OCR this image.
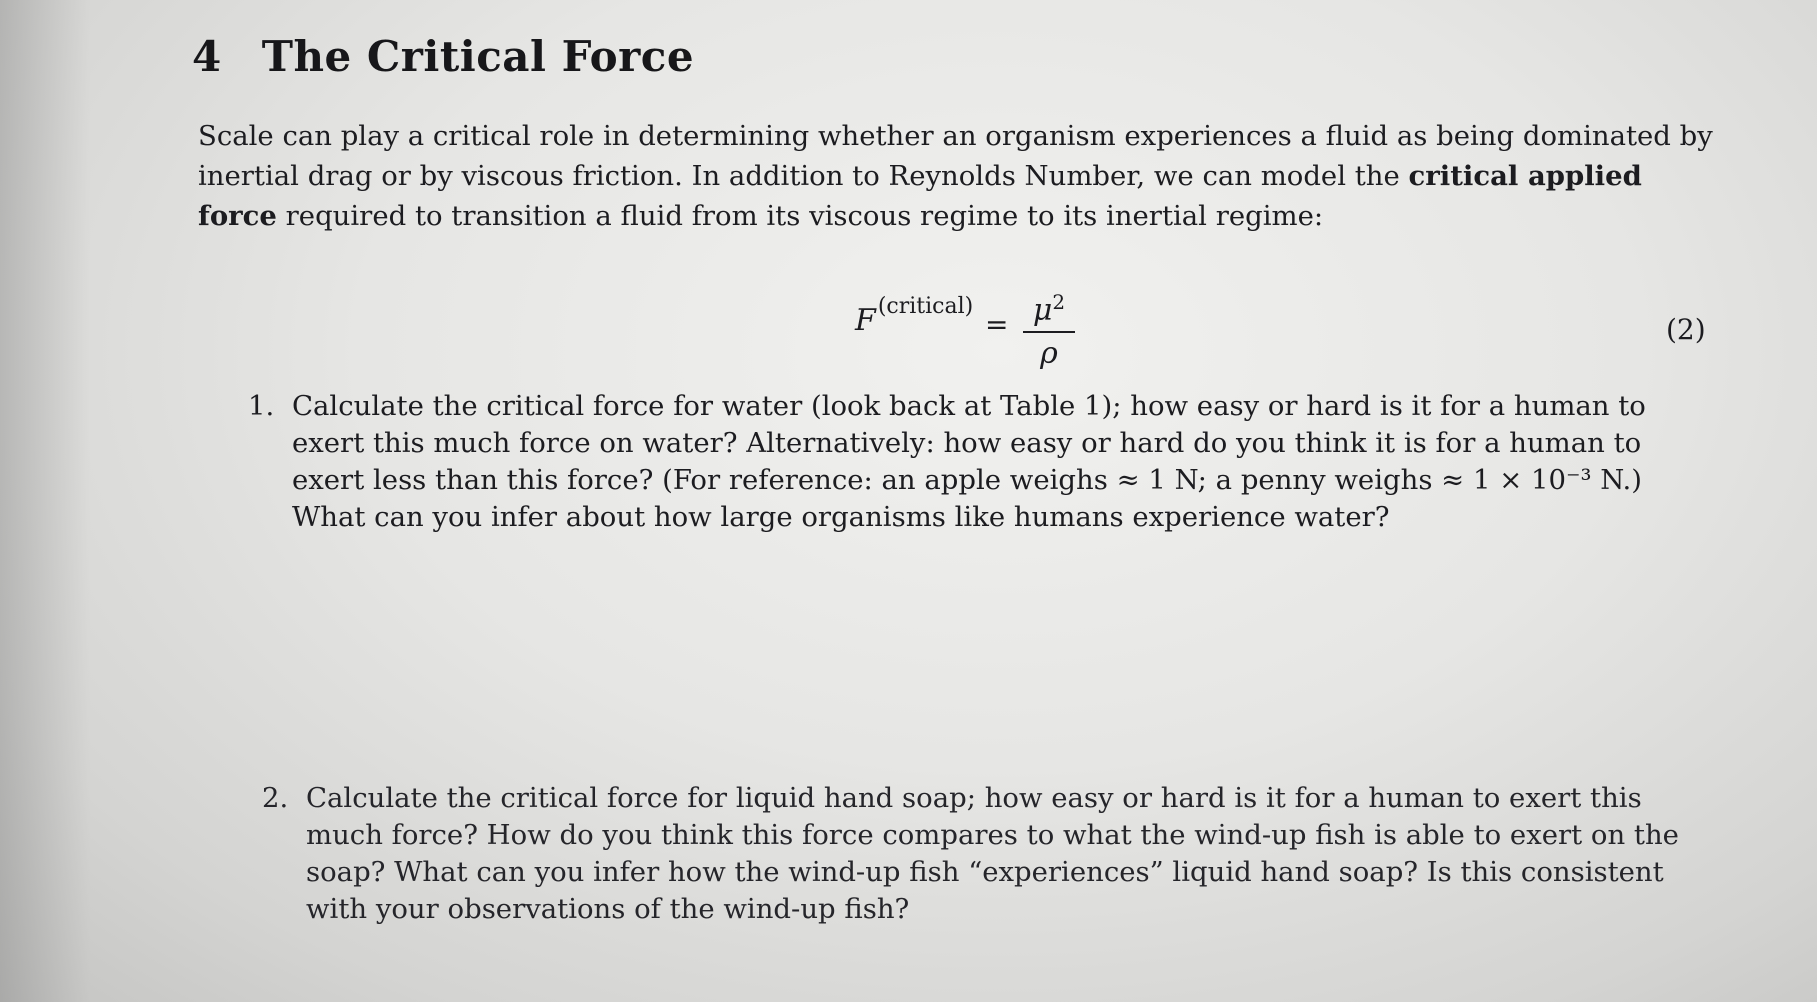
4 The Critical Force
Scale can play a critical role in determining whether an organism experiences a fluid as being dominated by
inertial drag or by viscous friction. In addition to Reynolds Number, we can model the critical applied
force required to transition a fluid from its viscous regime to its inertial regime:
$F^{(critical)}$
= $\mu^2$
ρ
(2)
1. Calculate the critical force for water (look back at Table 1); how easy or hard is it for a human to
exert this much force on water? Alternatively: how easy or hard do you think it is for a human to
exert less than this force? (For reference: an apple weighs ≈ 1 N; a penny weighs ≈ 1 × 10⁻³ N.)
What can you infer about how large organisms like humans experience water?
2. Calculate the critical force for liquid hand soap; how easy or hard is it for a human to exert this
much force? How do you think this force compares to what the wind-up fish is able to exert on the
soap? What can you infer how the wind-up fish “experiences” liquid hand soap? Is this consistent
with your observations of the wind-up fish?
